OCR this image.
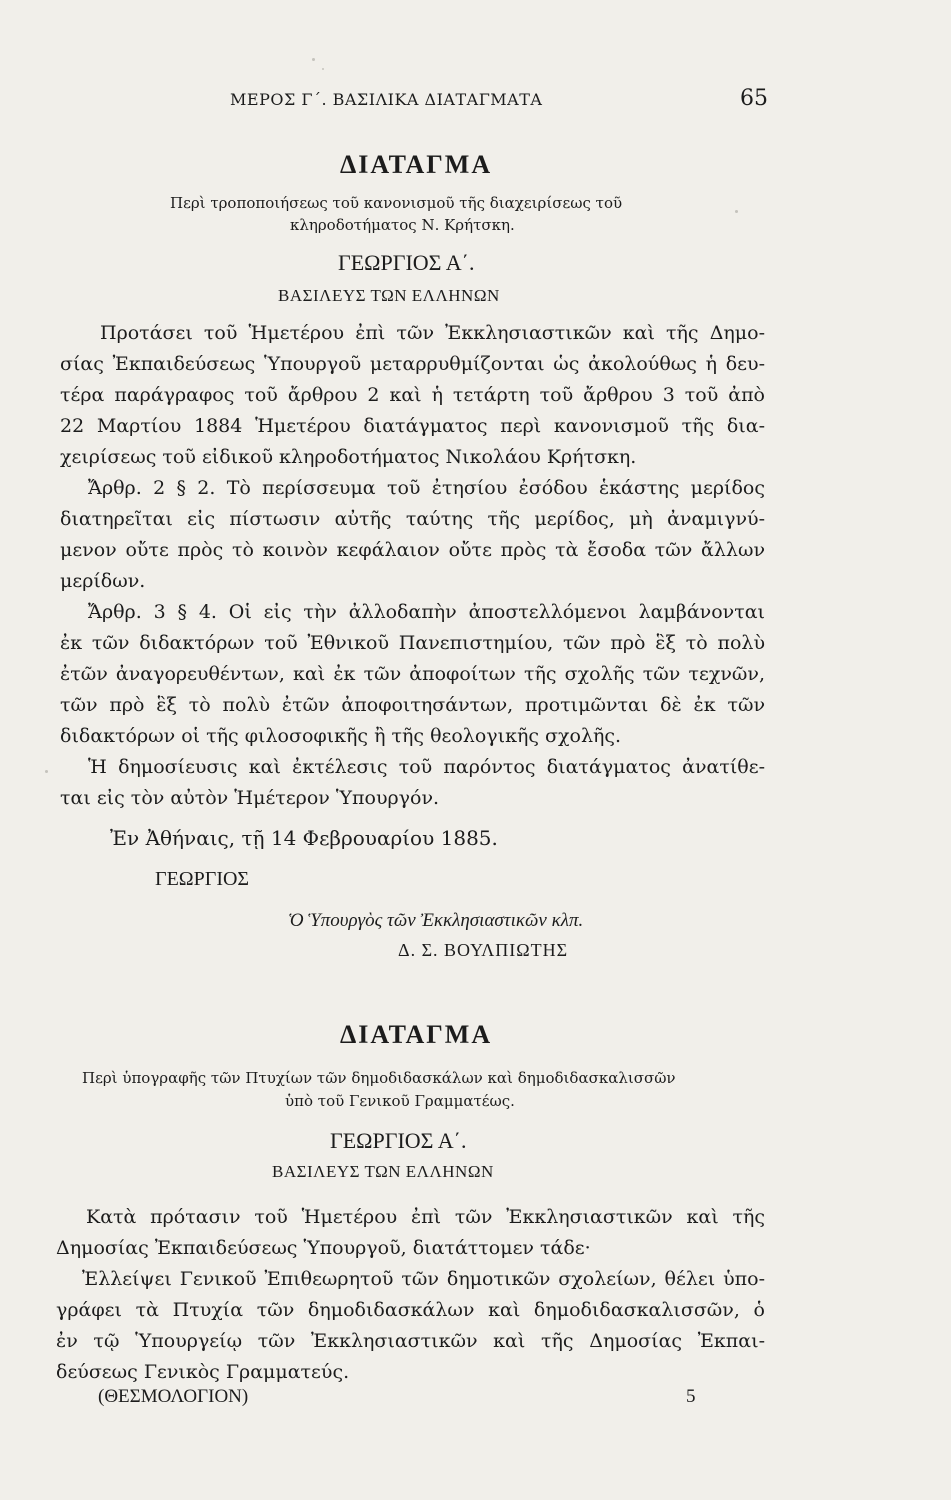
ΜΕΡΟΣ Γ΄. ΒΑΣΙΛΙΚΑ ΔΙΑΤΑΓΜΑΤΑ	65
ΔΙΑΤΑΓΜΑ
Περὶ τροποποιήσεως τοῦ κανονισμοῦ τῆς διαχειρίσεως τοῦ
κληροδοτήματος Ν. Κρήτσκη.
ΓΕΩΡΓΙΟΣ Α΄.
ΒΑΣΙΛΕΥΣ ΤΩΝ ΕΛΛΗΝΩΝ
Προτάσει τοῦ Ἡμετέρου ἐπὶ τῶν Ἐκκλησιαστικῶν καὶ τῆς Δημο-
σίας Ἐκπαιδεύσεως Ὑπουργοῦ μεταρρυθμίζονται ὡς ἀκολούθως ἡ δευ-
τέρα παράγραφος τοῦ ἄρθρου 2 καὶ ἡ τετάρτη τοῦ ἄρθρου 3 τοῦ ἀπὸ
22 Μαρτίου 1884 Ἡμετέρου διατάγματος περὶ κανονισμοῦ τῆς δια-
χειρίσεως τοῦ εἰδικοῦ κληροδοτήματος Νικολάου Κρήτσκη.
Ἄρθρ. 2 § 2. Τὸ περίσσευμα τοῦ ἐτησίου ἐσόδου ἑκάστης μερίδος
διατηρεῖται εἰς πίστωσιν αὐτῆς ταύτης τῆς μερίδος, μὴ ἀναμιγνύ-
μενον οὔτε πρὸς τὸ κοινὸν κεφάλαιον οὔτε πρὸς τὰ ἔσοδα τῶν ἄλλων
μερίδων.
Ἄρθρ. 3 § 4. Οἱ εἰς τὴν ἀλλοδαπὴν ἀποστελλόμενοι λαμβάνονται
ἐκ τῶν διδακτόρων τοῦ Ἐθνικοῦ Πανεπιστημίου, τῶν πρὸ ἓξ τὸ πολὺ
ἐτῶν ἀναγορευθέντων, καὶ ἐκ τῶν ἀποφοίτων τῆς σχολῆς τῶν τεχνῶν,
τῶν πρὸ ἓξ τὸ πολὺ ἐτῶν ἀποφοιτησάντων, προτιμῶνται δὲ ἐκ τῶν
διδακτόρων οἱ τῆς φιλοσοφικῆς ἢ τῆς θεολογικῆς σχολῆς.
Ἡ δημοσίευσις καὶ ἐκτέλεσις τοῦ παρόντος διατάγματος ἀνατίθε-
ται εἰς τὸν αὐτὸν Ἡμέτερον Ὑπουργόν.
Ἐν Ἀθήναις, τῇ 14 Φεβρουαρίου 1885.
ΓΕΩΡΓΙΟΣ
Ὁ Ὑπουργὸς τῶν Ἐκκλησιαστικῶν κλπ.
Δ. Σ. ΒΟΥΛΠΙΩΤΗΣ
ΔΙΑΤΑΓΜΑ
Περὶ ὑπογραφῆς τῶν Πτυχίων τῶν δημοδιδασκάλων καὶ δημοδιδασκαλισσῶν
ὑπὸ τοῦ Γενικοῦ Γραμματέως.
ΓΕΩΡΓΙΟΣ Α΄.
ΒΑΣΙΛΕΥΣ ΤΩΝ ΕΛΛΗΝΩΝ
Κατὰ πρότασιν τοῦ Ἡμετέρου ἐπὶ τῶν Ἐκκλησιαστικῶν καὶ τῆς
Δημοσίας Ἐκπαιδεύσεως Ὑπουργοῦ, διατάττομεν τάδε·
Ἐλλείψει Γενικοῦ Ἐπιθεωρητοῦ τῶν δημοτικῶν σχολείων, θέλει ὑπο-
γράφει τὰ Πτυχία τῶν δημοδιδασκάλων καὶ δημοδιδασκαλισσῶν, ὁ
ἐν τῷ Ὑπουργείῳ τῶν Ἐκκλησιαστικῶν καὶ τῆς Δημοσίας Ἐκπαι-
δεύσεως Γενικὸς Γραμματεύς.
(ΘΕΣΜΟΛΟΓΙΟΝ)	5
